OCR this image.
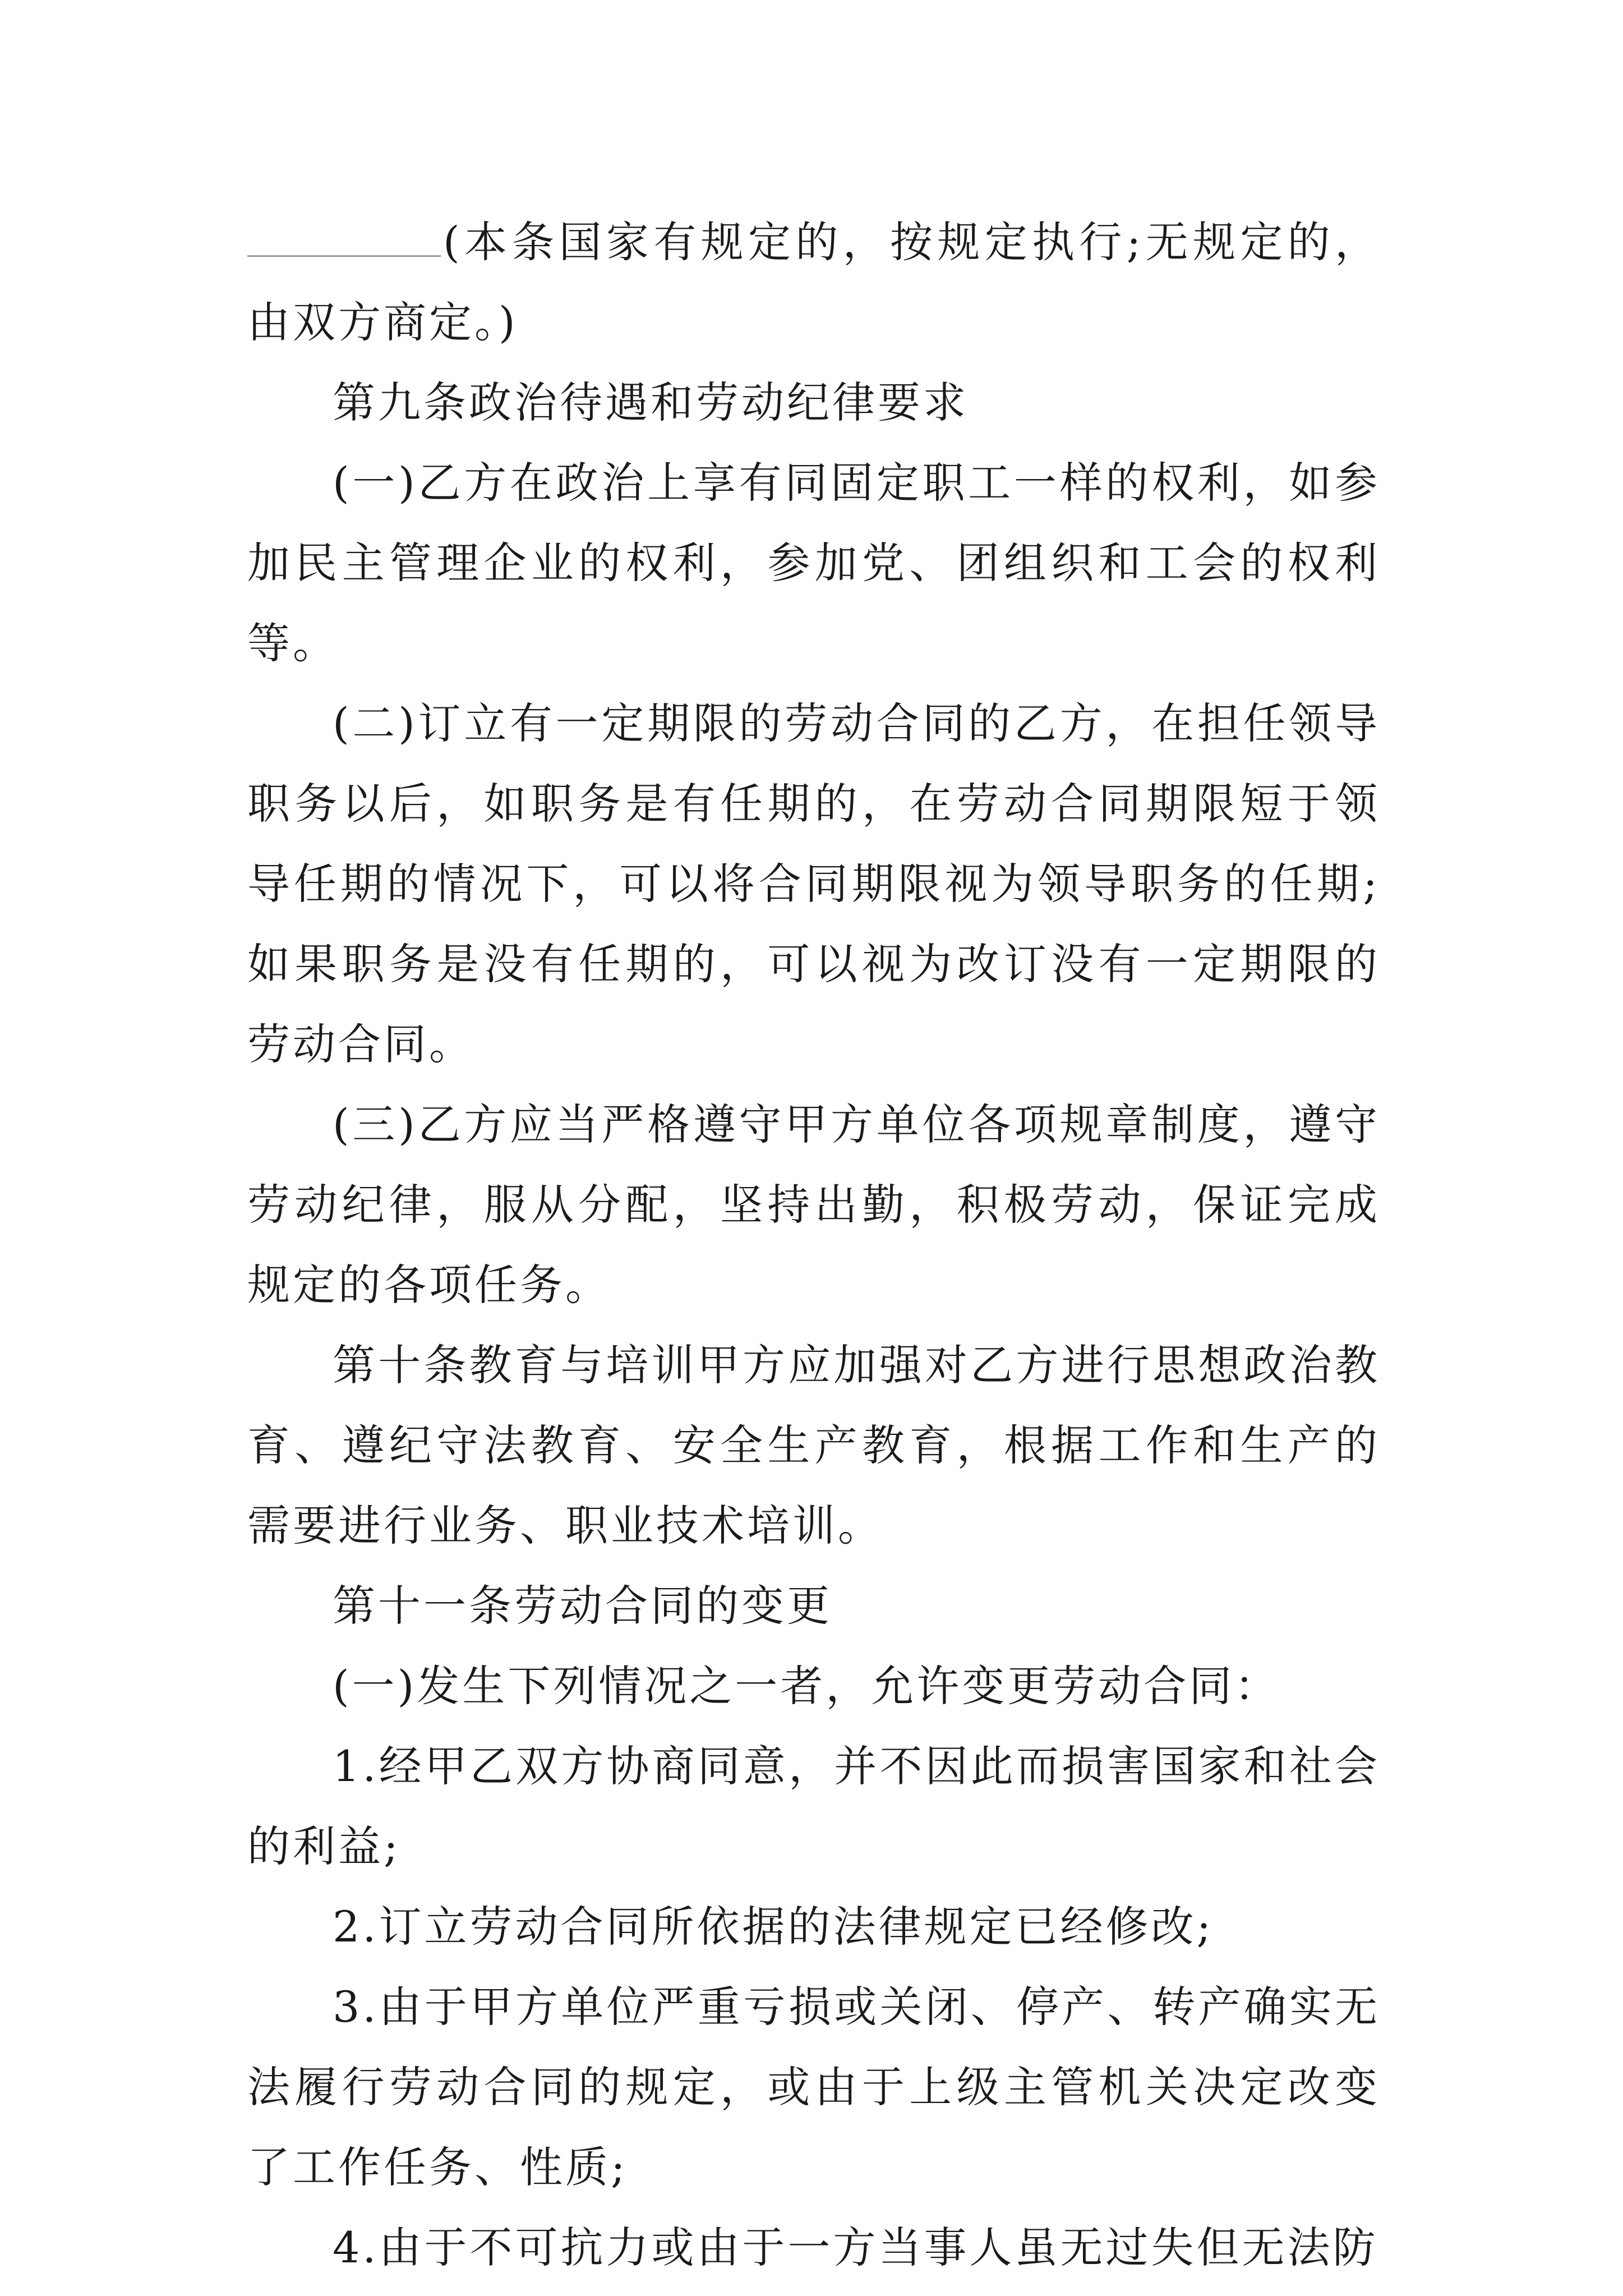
(本条国家有规定的，按规定执行;无规定的，由双方商定。)

第九条政治待遇和劳动纪律要求

(一)乙方在政治上享有同固定职工一样的权利，如参加民主管理企业的权利，参加党、团组织和工会的权利等。

(二)订立有一定期限的劳动合同的乙方，在担任领导职务以后，如职务是有任期的，在劳动合同期限短于领导任期的情况下，可以将合同期限视为领导职务的任期;如果职务是没有任期的，可以视为改订没有一定期限的劳动合同。

(三)乙方应当严格遵守甲方单位各项规章制度，遵守劳动纪律，服从分配，坚持出勤，积极劳动，保证完成规定的各项任务。

第十条教育与培训甲方应加强对乙方进行思想政治教育、遵纪守法教育、安全生产教育，根据工作和生产的需要进行业务、职业技术培训。

第十一条劳动合同的变更

(一)发生下列情况之一者，允许变更劳动合同：

1.经甲乙双方协商同意，并不因此而损害国家和社会的利益;

2.订立劳动合同所依据的法律规定已经修改;

3.由于甲方单位严重亏损或关闭、停产、转产确实无法履行劳动合同的规定，或由于上级主管机关决定改变了工作任务、性质;

4.由于不可抗力或由于一方当事人虽无过失但无法防
